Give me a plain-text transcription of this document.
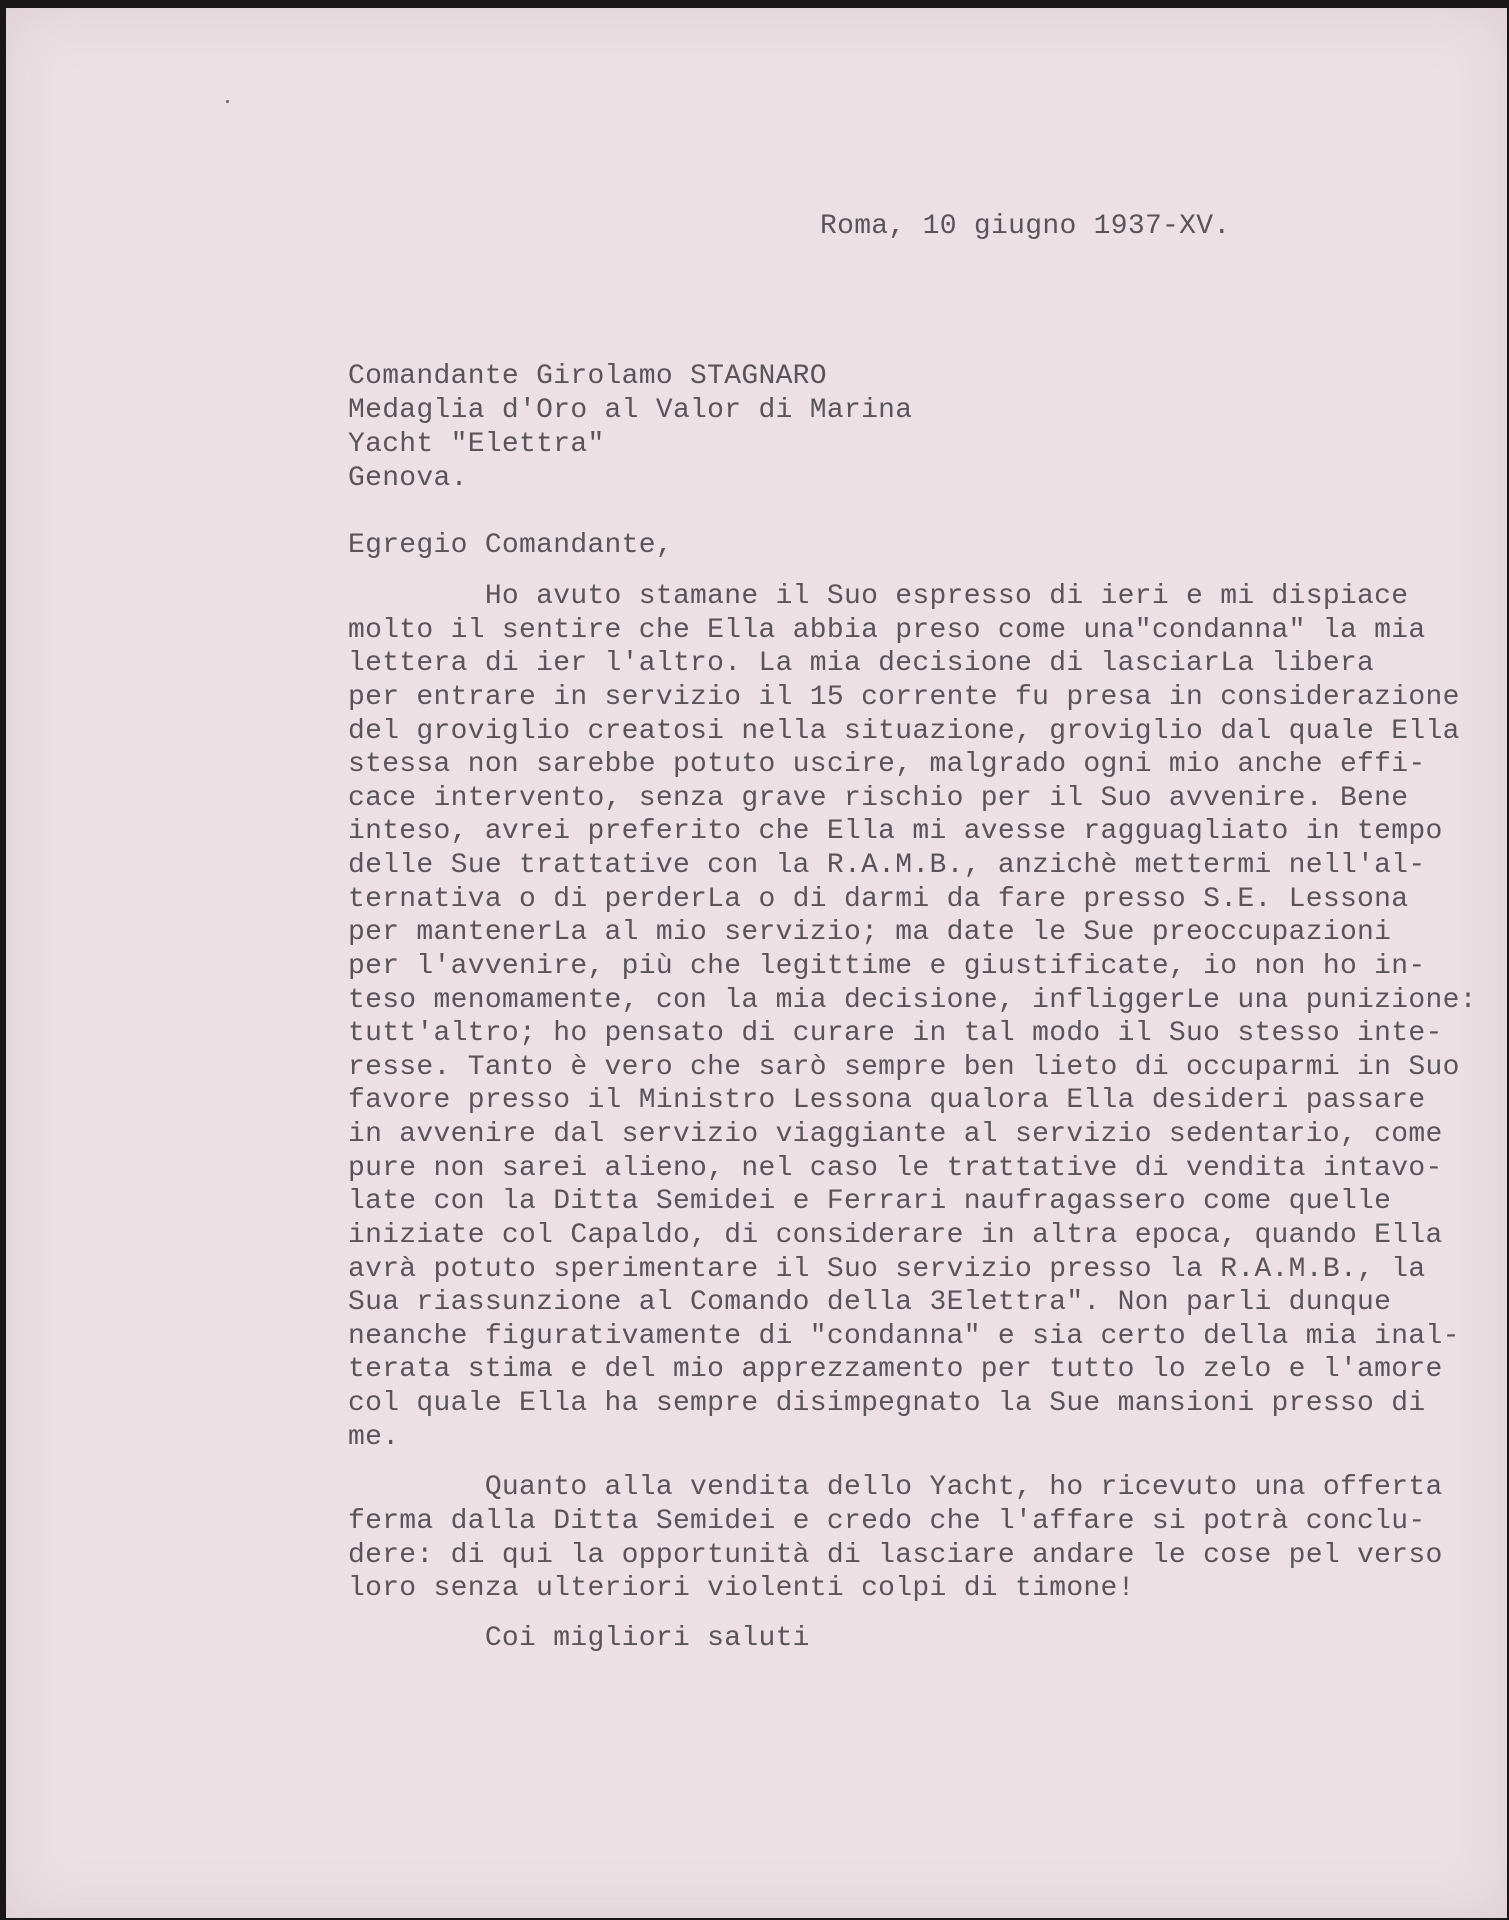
Roma, 10 giugno 1937-XV.

Comandante Girolamo STAGNARO

Medaglia d'Oro al Valor di Marina

Yacht "Elettra"

Genova.

Egregio Comandante,

Ho avuto stamane il Suo espresso di ieri e mi dispiace

molto il sentire che Ella abbia preso come una"condanna" la mia

lettera di ier l'altro. La mia decisione di lasciarLa libera

per entrare in servizio il 15 corrente fu presa in considerazione

del groviglio creatosi nella situazione, groviglio dal quale Ella

stessa non sarebbe potuto uscire, malgrado ogni mio anche effi-

cace intervento, senza grave rischio per il Suo avvenire. Bene

inteso, avrei preferito che Ella mi avesse ragguagliato in tempo

delle Sue trattative con la R.A.M.B., anzichè mettermi nell'al-

ternativa o di perderLa o di darmi da fare presso S.E. Lessona

per mantenerLa al mio servizio; ma date le Sue preoccupazioni

per l'avvenire, più che legittime e giustificate, io non ho in-

teso menomamente, con la mia decisione, infliggerLe una punizione:

tutt'altro; ho pensato di curare in tal modo il Suo stesso inte-

resse. Tanto è vero che sarò sempre ben lieto di occuparmi in Suo

favore presso il Ministro Lessona qualora Ella desideri passare

in avvenire dal servizio viaggiante al servizio sedentario, come

pure non sarei alieno, nel caso le trattative di vendita intavo-

late con la Ditta Semidei e Ferrari naufragassero come quelle

iniziate col Capaldo, di considerare in altra epoca, quando Ella

avrà potuto sperimentare il Suo servizio presso la R.A.M.B., la

Sua riassunzione al Comando della 3Elettra". Non parli dunque

neanche figurativamente di "condanna" e sia certo della mia inal-

terata stima e del mio apprezzamento per tutto lo zelo e l'amore

col quale Ella ha sempre disimpegnato la Sue mansioni presso di

me.

Quanto alla vendita dello Yacht, ho ricevuto una offerta

ferma dalla Ditta Semidei e credo che l'affare si potrà conclu-

dere: di qui la opportunità di lasciare andare le cose pel verso

loro senza ulteriori violenti colpi di timone!

Coi migliori saluti
